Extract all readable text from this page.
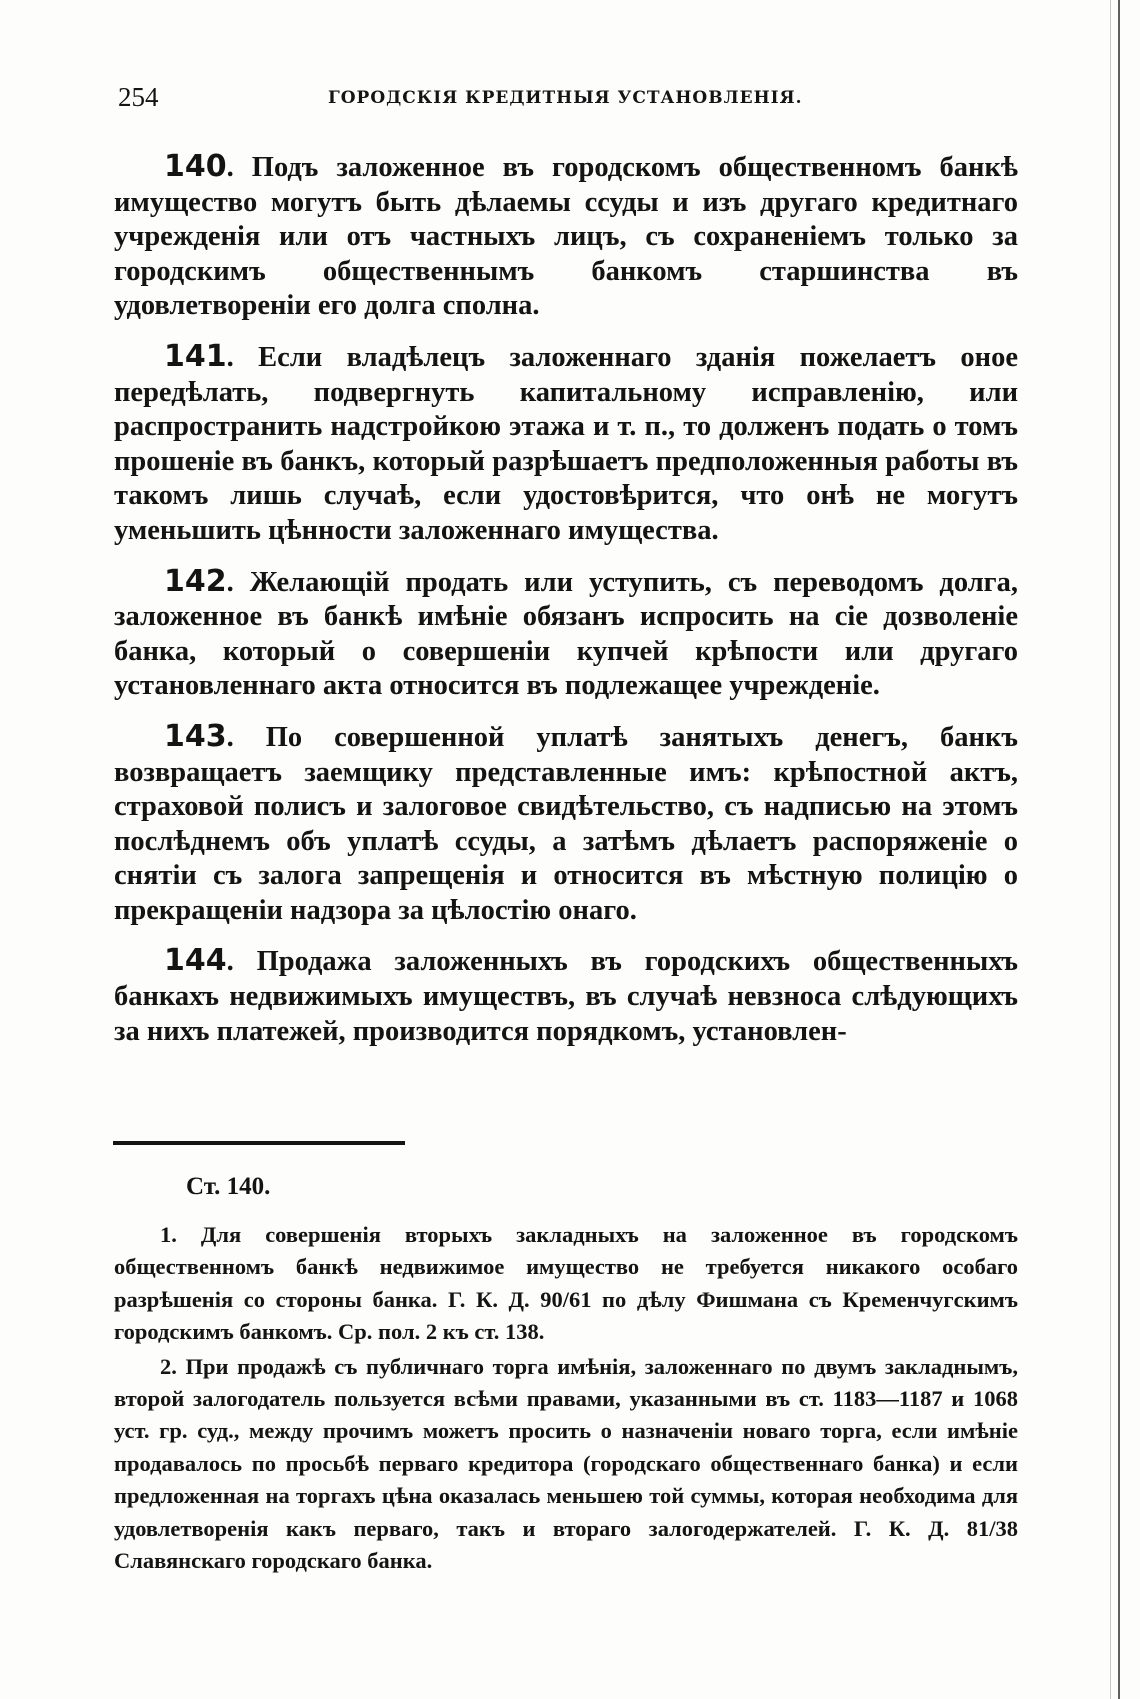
254	ГОРОДСКІЯ КРЕДИТНЫЯ УСТАНОВЛЕНІЯ.

140. Подъ заложенное въ городскомъ общественномъ банкѣ имущество могутъ быть дѣлаемы ссуды и изъ другаго кредитнаго учрежденія или отъ частныхъ лицъ, съ сохраненіемъ только за городскимъ общественнымъ банкомъ старшинства въ удовлетвореніи его долга сполна.

141. Если владѣлецъ заложеннаго зданія пожелаетъ оное передѣлать, подвергнуть капитальному исправленію, или распространить надстройкою этажа и т. п., то долженъ подать о томъ прошеніе въ банкъ, который разрѣшаетъ предположенныя работы въ такомъ лишь случаѣ, если удостовѣрится, что онѣ не могутъ уменьшить цѣнности заложеннаго имущества.

142. Желающій продать или уступить, съ переводомъ долга, заложенное въ банкѣ имѣніе обязанъ испросить на сіе дозволеніе банка, который о совершеніи купчей крѣпости или другаго установленнаго акта относится въ подлежащее учрежденіе.

143. По совершенной уплатѣ занятыхъ денегъ, банкъ возвращаетъ заемщику представленные имъ: крѣпостной актъ, страховой полисъ и залоговое свидѣтельство, съ надписью на этомъ послѣднемъ объ уплатѣ ссуды, а затѣмъ дѣлаетъ распоряженіе о снятіи съ залога запрещенія и относится въ мѣстную полицію о прекращеніи надзора за цѣлостію онаго.

144. Продажа заложенныхъ въ городскихъ общественныхъ банкахъ недвижимыхъ имуществъ, въ случаѣ невзноса слѣдующихъ за нихъ платежей, производится порядкомъ, установлен-

Ст. 140.

1. Для совершенія вторыхъ закладныхъ на заложенное въ городскомъ общественномъ банкѣ недвижимое имущество не требуется никакого особаго разрѣшенія со стороны банка. Г. К. Д. 90/61 по дѣлу Фишмана съ Кременчугскимъ городскимъ банкомъ. Ср. пол. 2 къ ст. 138.

2. При продажѣ съ публичнаго торга имѣнія, заложеннаго по двумъ закладнымъ, второй залогодатель пользуется всѣми правами, указанными въ ст. 1183—1187 и 1068 уст. гр. суд., между прочимъ можетъ просить о назначеніи новаго торга, если имѣніе продавалось по просьбѣ перваго кредитора (городскаго общественнаго банка) и если предложенная на торгахъ цѣна оказалась меньшею той суммы, которая необходима для удовлетворенія какъ перваго, такъ и втораго залогодержателей. Г. К. Д. 81/38 Славянскаго городскаго банка.
